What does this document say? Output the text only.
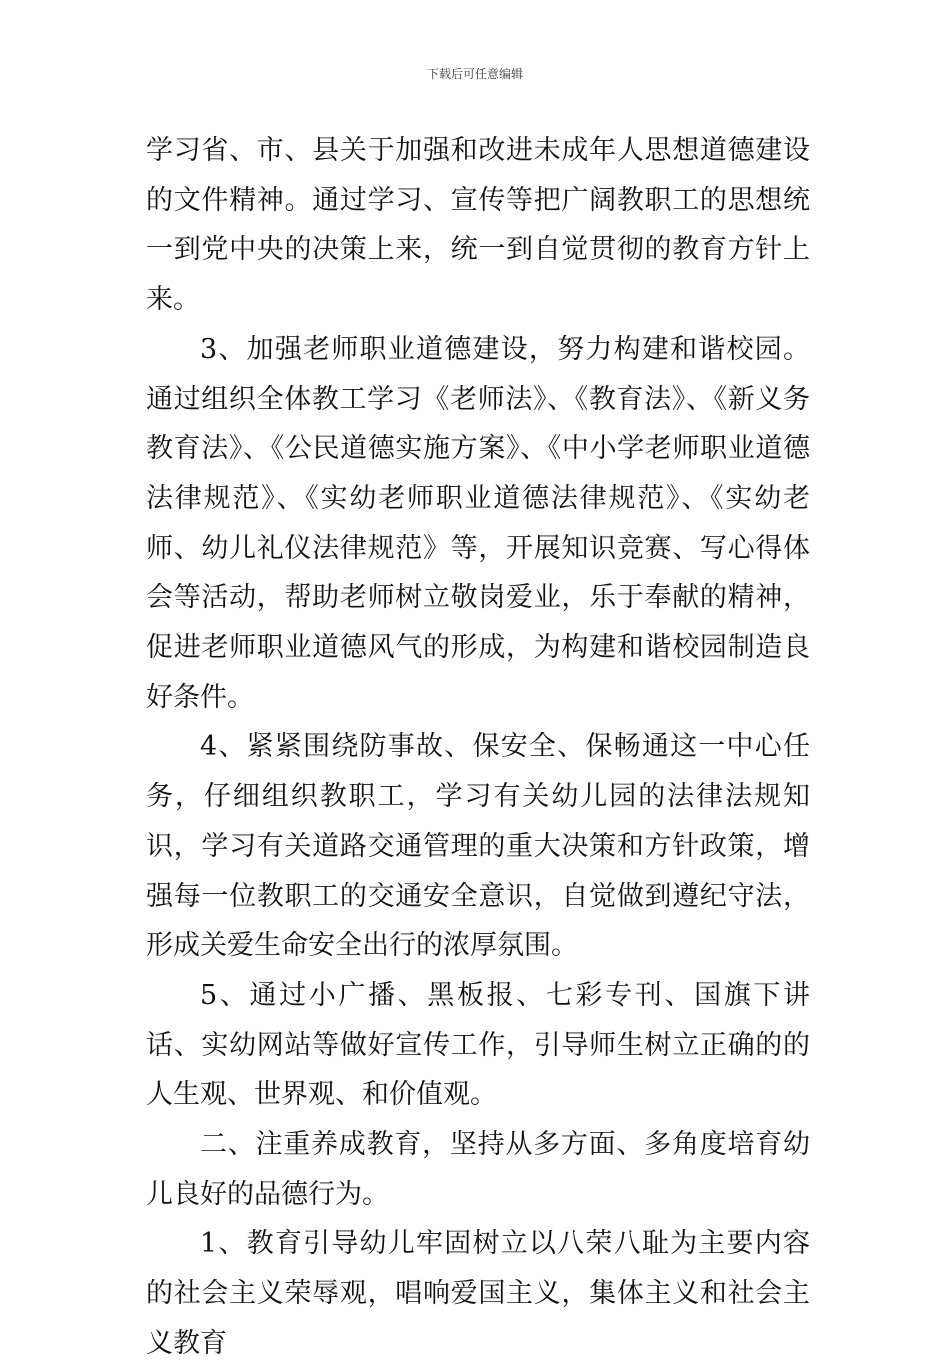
下载后可任意编辑

学习省、市、县关于加强和改进未成年人思想道德建设的文件精神。通过学习、宣传等把广阔教职工的思想统一到党中央的决策上来，统一到自觉贯彻的教育方针上来。

3、加强老师职业道德建设，努力构建和谐校园。通过组织全体教工学习《老师法》、《教育法》、《新义务教育法》、《公民道德实施方案》、《中小学老师职业道德法律规范》、《实幼老师职业道德法律规范》、《实幼老师、幼儿礼仪法律规范》等，开展知识竞赛、写心得体会等活动，帮助老师树立敬岗爱业，乐于奉献的精神，促进老师职业道德风气的形成，为构建和谐校园制造良好条件。

4、紧紧围绕防事故、保安全、保畅通这一中心任务，仔细组织教职工，学习有关幼儿园的法律法规知识，学习有关道路交通管理的重大决策和方针政策，增强每一位教职工的交通安全意识，自觉做到遵纪守法，形成关爱生命安全出行的浓厚氛围。

5、通过小广播、黑板报、七彩专刊、国旗下讲话、实幼网站等做好宣传工作，引导师生树立正确的的人生观、世界观、和价值观。

二、注重养成教育，坚持从多方面、多角度培育幼儿良好的品德行为。

1、教育引导幼儿牢固树立以八荣八耻为主要内容的社会主义荣辱观，唱响爱国主义，集体主义和社会主义教育
